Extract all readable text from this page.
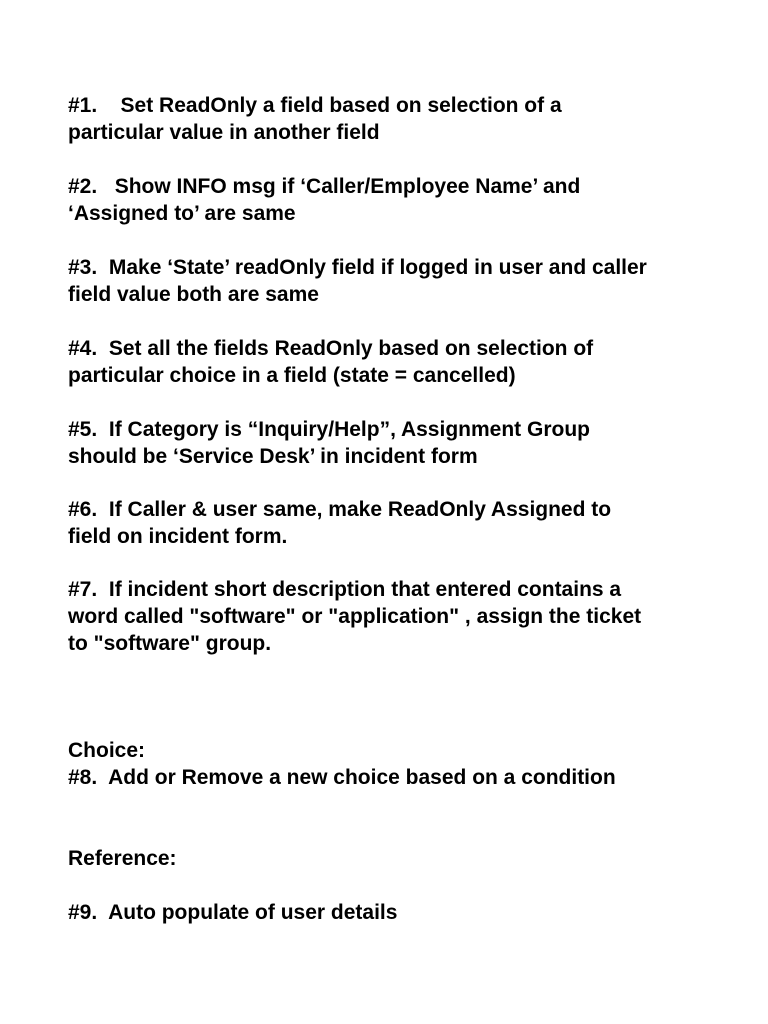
#1.    Set ReadOnly a field based on selection of a
particular value in another field
#2.   Show INFO msg if ‘Caller/Employee Name’ and
‘Assigned to’ are same
#3.  Make ‘State’ readOnly field if logged in user and caller
field value both are same
#4.  Set all the fields ReadOnly based on selection of
particular choice in a field (state = cancelled)
#5.  If Category is “Inquiry/Help”, Assignment Group
should be ‘Service Desk’ in incident form
#6.  If Caller & user same, make ReadOnly Assigned to
field on incident form.
#7.  If incident short description that entered contains a
word called "software" or "application" , assign the ticket
to "software" group.
Choice:
#8.  Add or Remove a new choice based on a condition
Reference:
#9.  Auto populate of user details
